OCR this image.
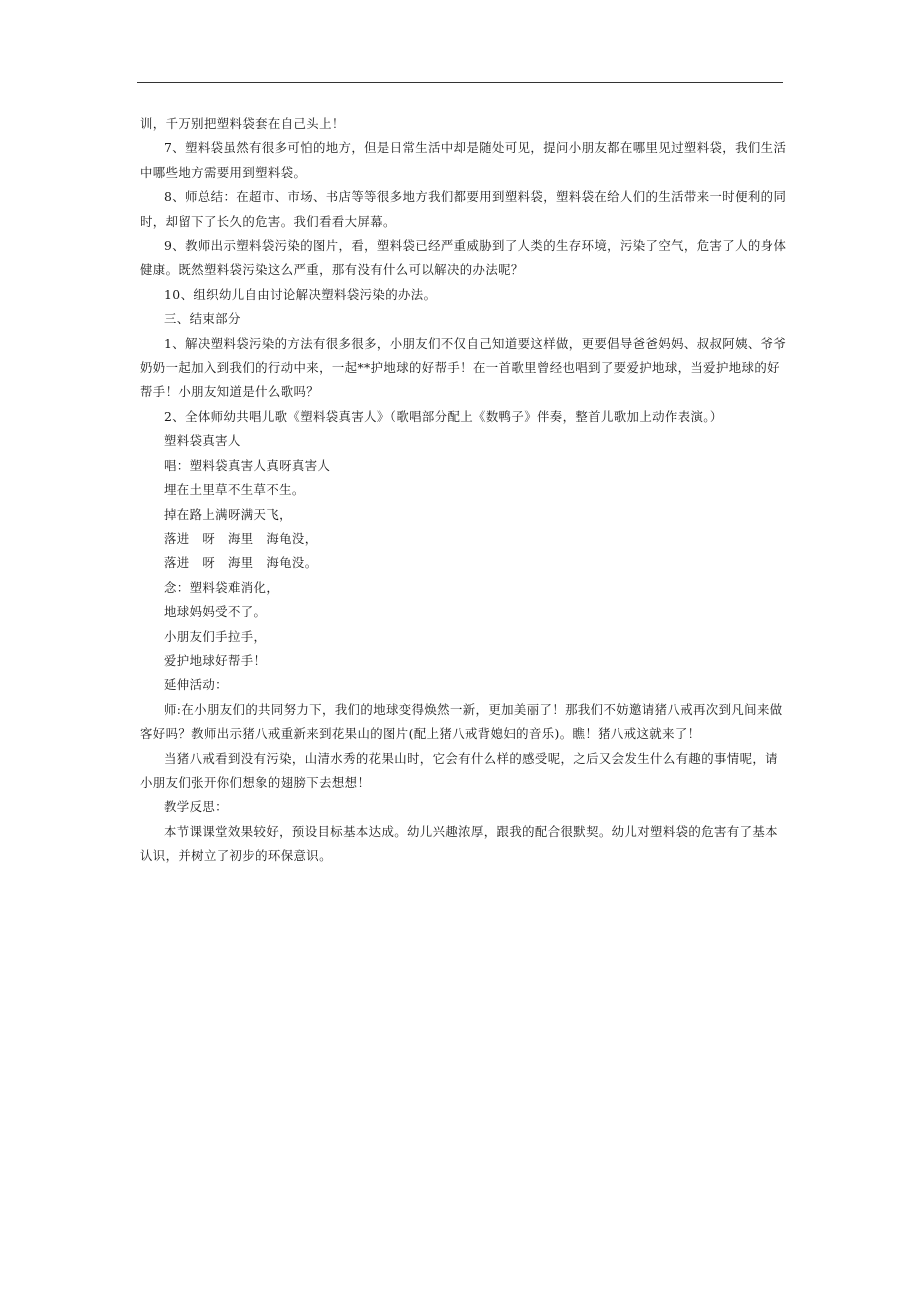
训，千万别把塑料袋套在自己头上！

7、塑料袋虽然有很多可怕的地方，但是日常生活中却是随处可见，提问小朋友都在哪里见过塑料袋，我们生活中哪些地方需要用到塑料袋。

8、师总结：在超市、市场、书店等等很多地方我们都要用到塑料袋，塑料袋在给人们的生活带来一时便利的同时，却留下了长久的危害。我们看看大屏幕。

9、教师出示塑料袋污染的图片，看，塑料袋已经严重威胁到了人类的生存环境，污染了空气，危害了人的身体健康。既然塑料袋污染这么严重，那有没有什么可以解决的办法呢？

10、组织幼儿自由讨论解决塑料袋污染的办法。

三、结束部分

1、解决塑料袋污染的方法有很多很多，小朋友们不仅自己知道要这样做，更要倡导爸爸妈妈、叔叔阿姨、爷爷奶奶一起加入到我们的行动中来，一起**护地球的好帮手！在一首歌里曾经也唱到了要爱护地球，当爱护地球的好帮手！小朋友知道是什么歌吗？

2、全体师幼共唱儿歌《塑料袋真害人》（歌唱部分配上《数鸭子》伴奏，整首儿歌加上动作表演。）

塑料袋真害人

唱：塑料袋真害人真呀真害人

埋在土里草不生草不生。

掉在路上满呀满天飞，

落进　呀　海里　海龟没，

落进　呀　海里　海龟没。

念：塑料袋难消化，

地球妈妈受不了。

小朋友们手拉手，

爱护地球好帮手！

延伸活动：

师:在小朋友们的共同努力下，我们的地球变得焕然一新，更加美丽了！那我们不妨邀请猪八戒再次到凡间来做客好吗？教师出示猪八戒重新来到花果山的图片(配上猪八戒背媳妇的音乐)。瞧！猪八戒这就来了！

当猪八戒看到没有污染，山清水秀的花果山时，它会有什么样的感受呢，之后又会发生什么有趣的事情呢，请小朋友们张开你们想象的翅膀下去想想！

教学反思：

本节课课堂效果较好，预设目标基本达成。幼儿兴趣浓厚，跟我的配合很默契。幼儿对塑料袋的危害有了基本认识，并树立了初步的环保意识。
